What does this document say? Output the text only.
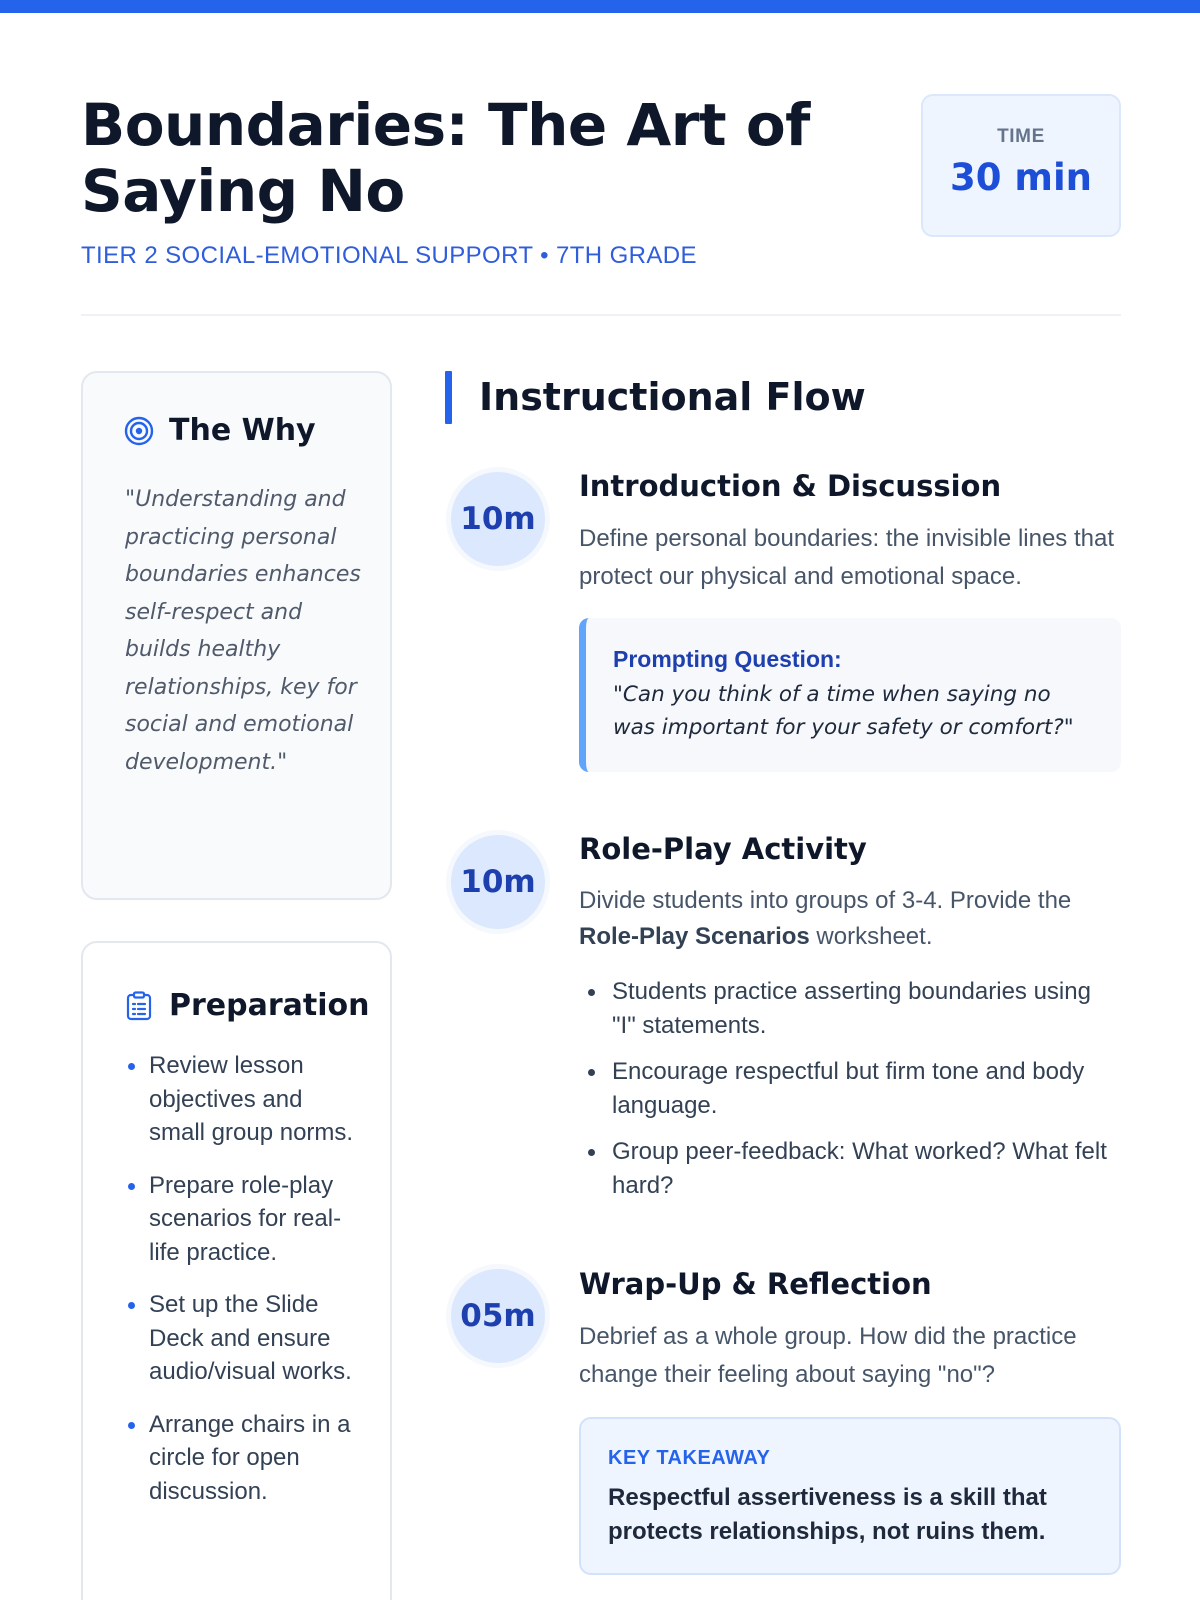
Boundaries: The Art of Saying No
TIER 2 SOCIAL-EMOTIONAL SUPPORT • 7TH GRADE
TIME
30 min
The Why

"Understanding and practicing personal boundaries enhances self-respect and builds healthy relationships, key for social and emotional development."

Preparation
Review lesson objectives and small group norms.
Prepare role-play scenarios for real-life practice.
Set up the Slide Deck and ensure audio/visual works.
Arrange chairs in a circle for open discussion.
Instructional Flow
10m
Introduction & Discussion

Define personal boundaries: the invisible lines that protect our physical and emotional space.

Prompting Question:
"Can you think of a time when saying no was important for your safety or comfort?"
10m
Role-Play Activity

Divide students into groups of 3-4. Provide the Role-Play Scenarios worksheet.

Students practice asserting boundaries using "I" statements.
Encourage respectful but firm tone and body language.
Group peer-feedback: What worked? What felt hard?
05m
Wrap-Up & Reflection

Debrief as a whole group. How did the practice change their feeling about saying "no"?

KEY TAKEAWAY
Respectful assertiveness is a skill that protects relationships, not ruins them.
